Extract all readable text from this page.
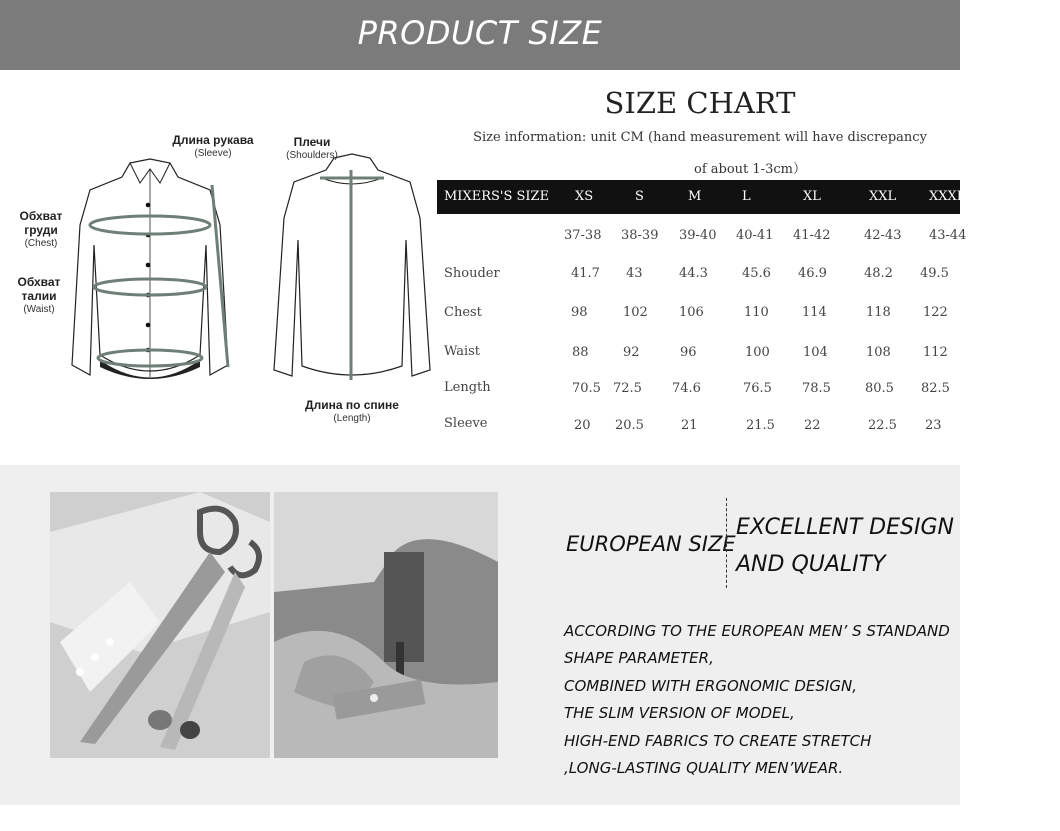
PRODUCT SIZE
Длина рукава
(Sleeve)
Плечи
(Shoulders)
Обхват
груди
(Chest)
Обхват
талии
(Waist)
Длина по спине
(Length)
SIZE CHART
Size information: unit CM (hand measurement will have discrepancy
of about 1-3cm）
MIXERS'S SIZE XS	S	M	L	XL	XXL	XXXL
37-38 38-39 39-40 40-41 41-42	42-43 43-44
Shouder	41.7 43	44.3	45.6 46.9	48.2 49.5
Chest	98	102 106	110	114	118 122
Waist	88	92	96	100	104	108 112
Length	70.5 72.5 74.6	76.5 78.5	80.5 82.5
Sleeve	20 20.5	21	21.5 22	22.5 23
EUROPEAN SIZE
EXCELLENT DESIGN
AND QUALITY
ACCORDING TO THE EUROPEAN MEN’ S STANDAND
SHAPE PARAMETER,
COMBINED WITH ERGONOMIC DESIGN,
THE SLIM VERSION OF MODEL,
HIGH-END FABRICS TO CREATE STRETCH
,LONG-LASTING QUALITY MEN’WEAR.
